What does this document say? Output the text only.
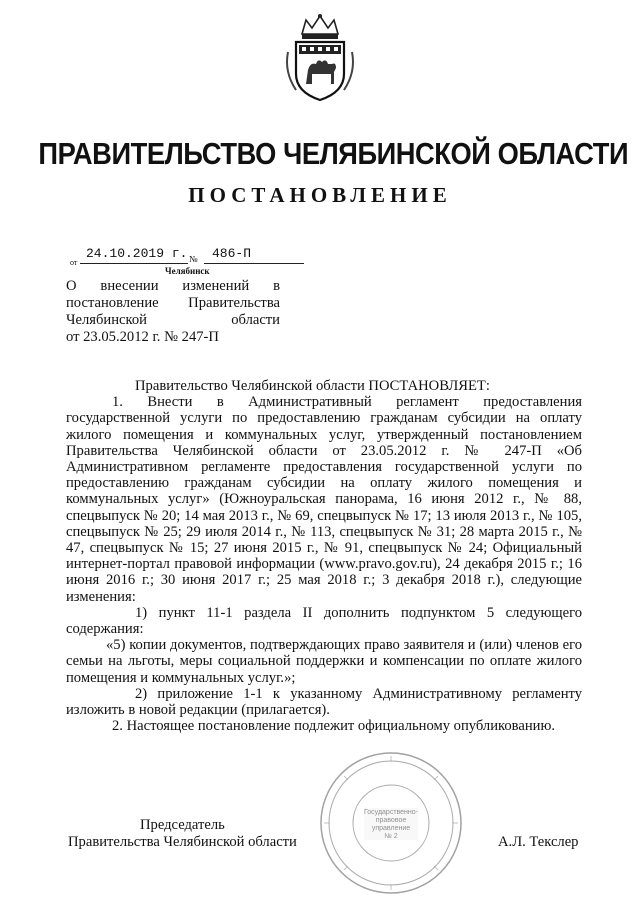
ПРАВИТЕЛЬСТВО ЧЕЛЯБИНСКОЙ ОБЛАСТИ
ПОСТАНОВЛЕНИЕ
от
24.10.2019 г. №	486-П
Челябинск
О внесении изменений в
постановление Правительства
Челябинской области
от 23.05.2012 г. № 247-П

Правительство Челябинской области ПОСТАНОВЛЯЕТ:

1. Внести в Административный регламент предоставления государственной услуги по предоставлению гражданам субсидии на оплату жилого помещения и коммунальных услуг, утвержденный постановлением Правительства Челябинской области от 23.05.2012 г. № 247-П «Об Административном регламенте предоставления государственной услуги по предоставлению гражданам субсидии на оплату жилого помещения и коммунальных услуг» (Южноуральская панорама, 16 июня 2012 г., № 88, спецвыпуск № 20; 14 мая 2013 г., № 69, спецвыпуск № 17; 13 июля 2013 г., № 105, спецвыпуск № 25; 29 июля 2014 г., № 113, спецвыпуск № 31; 28 марта 2015 г., № 47, спецвыпуск № 15; 27 июня 2015 г., № 91, спецвыпуск № 24; Официальный интернет-портал правовой информации (www.pravo.gov.ru), 24 декабря 2015 г.; 16 июня 2016 г.; 30 июня 2017 г.; 25 мая 2018 г.; 3 декабря 2018 г.), следующие изменения:

1) пункт 11-1 раздела II дополнить подпунктом 5 следующего содержания:

«5) копии документов, подтверждающих право заявителя и (или) членов его семьи на льготы, меры социальной поддержки и компенсации по оплате жилого помещения и коммунальных услуг.»;

2) приложение 1-1 к указанному Административному регламенту изложить в новой редакции (прилагается).

2. Настоящее постановление подлежит официальному опубликованию.

Председатель
Правительства Челябинской области	А.Л. Текслер
Государственно-
правовое
управление
№ 2
